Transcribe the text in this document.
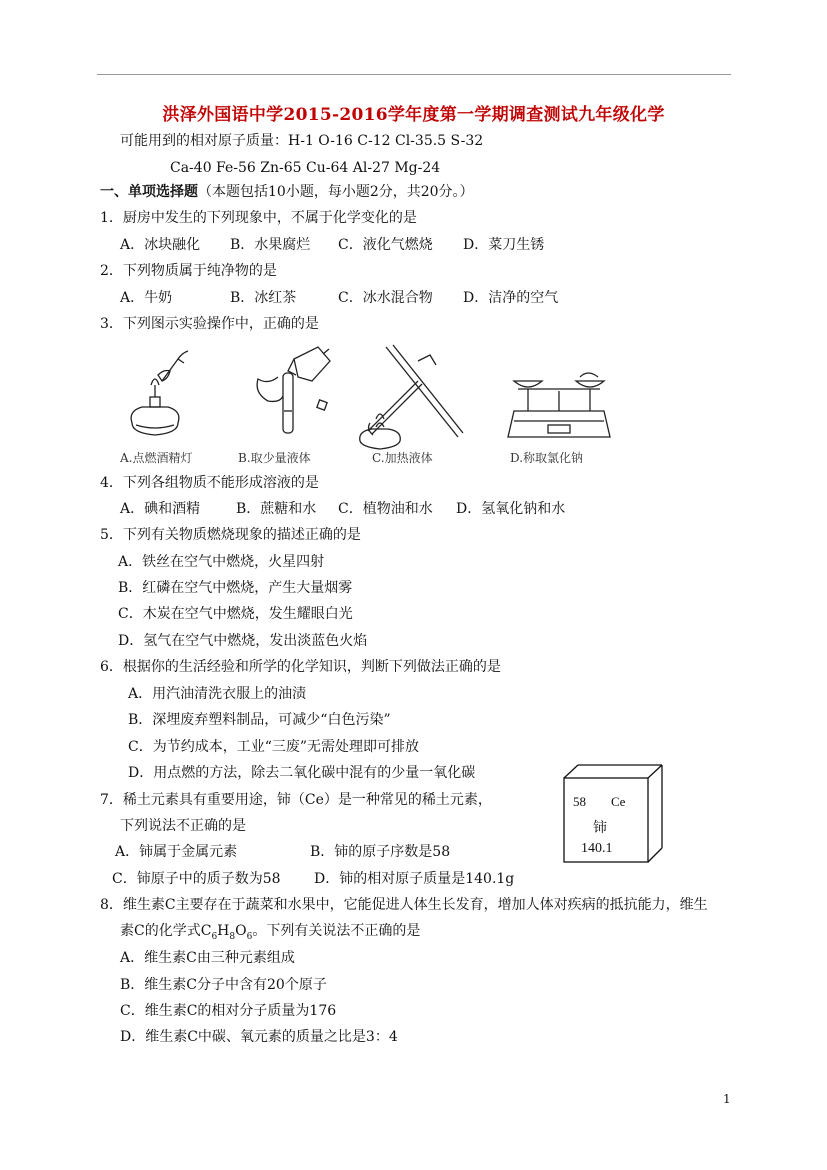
洪泽外国语中学2015-2016学年度第一学期调查测试九年级化学
可能用到的相对原子质量：H-1 O-16 C-12 Cl-35.5 S-32
Ca-40 Fe-56 Zn-65 Cu-64 Al-27 Mg-24
一、单项选择题（本题包括10小题，每小题2分，共20分。）
1．厨房中发生的下列现象中，不属于化学变化的是
A．冰块融化 B．水果腐烂 C．液化气燃烧 D．菜刀生锈
2．下列物质属于纯净物的是
A．牛奶	B．冰红茶	C．冰水混合物 D．洁净的空气
3．下列图示实验操作中，正确的是
A.点燃酒精灯	B.取少量液体	C.加热液体	D.称取氯化钠
4．下列各组物质不能形成溶液的是
A．碘和酒精	B．蔗糖和水 C．植物油和水 D．氢氧化钠和水
5．下列有关物质燃烧现象的描述正确的是
A．铁丝在空气中燃烧，火星四射
B．红磷在空气中燃烧，产生大量烟雾
C．木炭在空气中燃烧，发生耀眼白光
D．氢气在空气中燃烧，发出淡蓝色火焰
6．根据你的生活经验和所学的化学知识，判断下列做法正确的是
A．用汽油清洗衣服上的油渍
B．深埋废弃塑料制品，可减少“白色污染”
C．为节约成本，工业“三废”无需处理即可排放
D．用点燃的方法，除去二氧化碳中混有的少量一氧化碳
7．稀土元素具有重要用途，铈（Ce）是一种常见的稀土元素，
下列说法不正确的是
A．铈属于金属元素	B．铈的原子序数是58
C．铈原子中的质子数为58 D．铈的相对原子质量是140.1g
58 Ce
铈
140.1
8．维生素C主要存在于蔬菜和水果中，它能促进人体生长发育，增加人体对疾病的抵抗能力，维生
素C的化学式$C_6H_8O_6$。下列有关说法不正确的是
A．维生素C由三种元素组成
B．维生素C分子中含有20个原子
C．维生素C的相对分子质量为176
D．维生素C中碳、氧元素的质量之比是3：4
1
